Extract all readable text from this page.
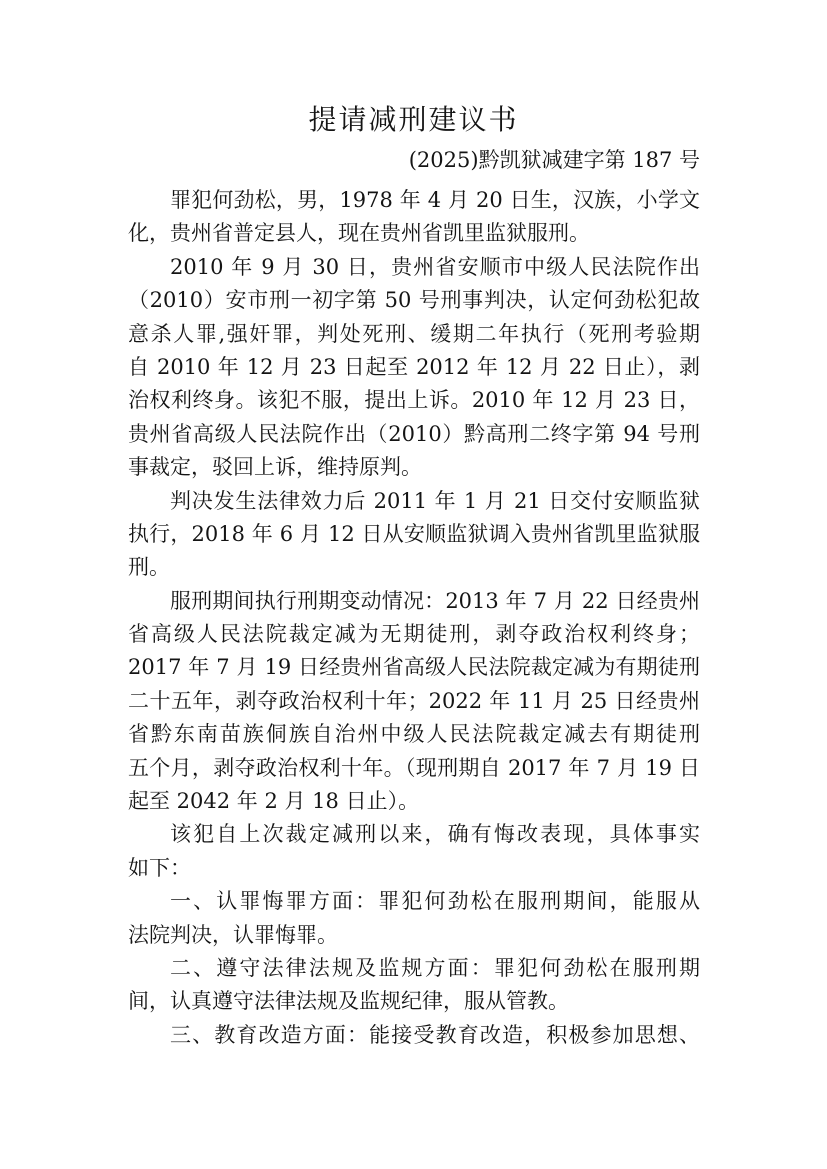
提请减刑建议书
(2025)黔凯狱减建字第 187 号
罪犯何劲松，男，1978 年 4 月 20 日生，汉族，小学文
化，贵州省普定县人，现在贵州省凯里监狱服刑。
2010 年 9 月 30 日，贵州省安顺市中级人民法院作出
（2010）安市刑一初字第 50 号刑事判决，认定何劲松犯故
意杀人罪,强奸罪，判处死刑、缓期二年执行（死刑考验期
自 2010 年 12 月 23 日起至 2012 年 12 月 22 日止），剥
治权利终身。该犯不服，提出上诉。2010 年 12 月 23 日，
贵州省高级人民法院作出（2010）黔高刑二终字第 94 号刑
事裁定，驳回上诉，维持原判。
判决发生法律效力后 2011 年 1 月 21 日交付安顺监狱
执行，2018 年 6 月 12 日从安顺监狱调入贵州省凯里监狱服
刑。
服刑期间执行刑期变动情况：2013 年 7 月 22 日经贵州
省高级人民法院裁定减为无期徒刑，剥夺政治权利终身；
2017 年 7 月 19 日经贵州省高级人民法院裁定减为有期徒刑
二十五年，剥夺政治权利十年；2022 年 11 月 25 日经贵州
省黔东南苗族侗族自治州中级人民法院裁定减去有期徒刑
五个月，剥夺政治权利十年。（现刑期自 2017 年 7 月 19 日
起至 2042 年 2 月 18 日止）。
该犯自上次裁定减刑以来，确有悔改表现，具体事实
如下：
一、认罪悔罪方面：罪犯何劲松在服刑期间，能服从
法院判决，认罪悔罪。
二、遵守法律法规及监规方面：罪犯何劲松在服刑期
间，认真遵守法律法规及监规纪律，服从管教。
三、教育改造方面：能接受教育改造，积极参加思想、
